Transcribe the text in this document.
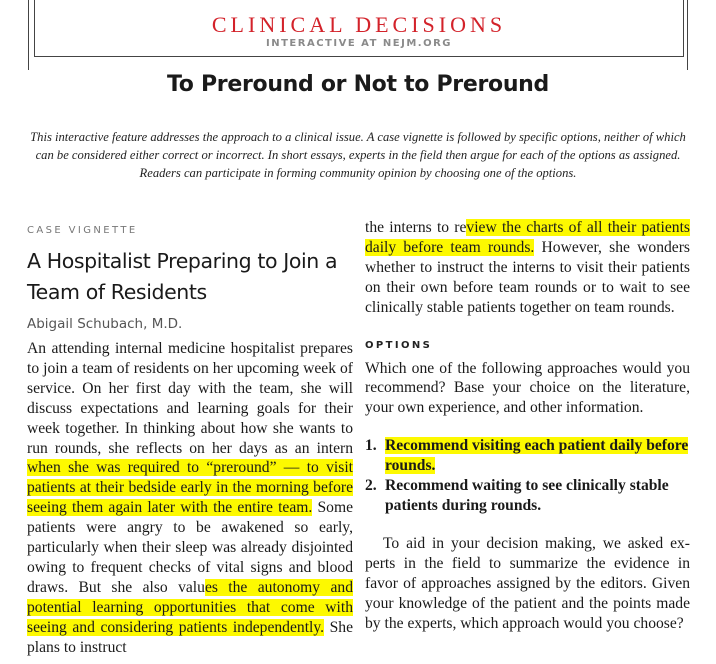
CLINICAL DECISIONS
INTERACTIVE AT NEJM.ORG
To Preround or Not to Preround
This interactive feature addresses the approach to a clinical issue. A case vignette is followed by specific options, neither of which can be considered either correct or incorrect. In short essays, experts in the field then argue for each of the options as assigned. Readers can participate in forming community opinion by choosing one of the options.
CASE VIGNETTE
A Hospitalist Preparing to Join a Team of Residents
Abigail Schubach, M.D.

An attending internal medicine hospitalist prepares to join a team of residents on her upcoming week of service. On her first day with the team, she will discuss expectations and learning goals for their week together. In thinking about how she wants to run rounds, she reflects on her days as an intern when she was required to “preround” — to visit patients at their bedside early in the morning before seeing them again later with the entire team. Some patients were angry to be awakened so early, particularly when their sleep was already disjointed owing to frequent checks of vital signs and blood draws. But she also values the autonomy and potential learning opportunities that come with seeing and considering patients independently. She plans to instruct

the interns to review the charts of all their patients daily before team rounds. However, she wonders whether to instruct the interns to visit their patients on their own before team rounds or to wait to see clinically stable patients together on team rounds.

OPTIONS

Which one of the following approaches would you recommend? Base your choice on the literature, your own experience, and other information.

1. Recommend visiting each patient daily before rounds.
2. Recommend waiting to see clinically stable patients during rounds.

To aid in your decision making, we asked experts in the field to summarize the evidence in favor of approaches assigned by the editors. Given your knowledge of the patient and the points made by the experts, which approach would you choose?
